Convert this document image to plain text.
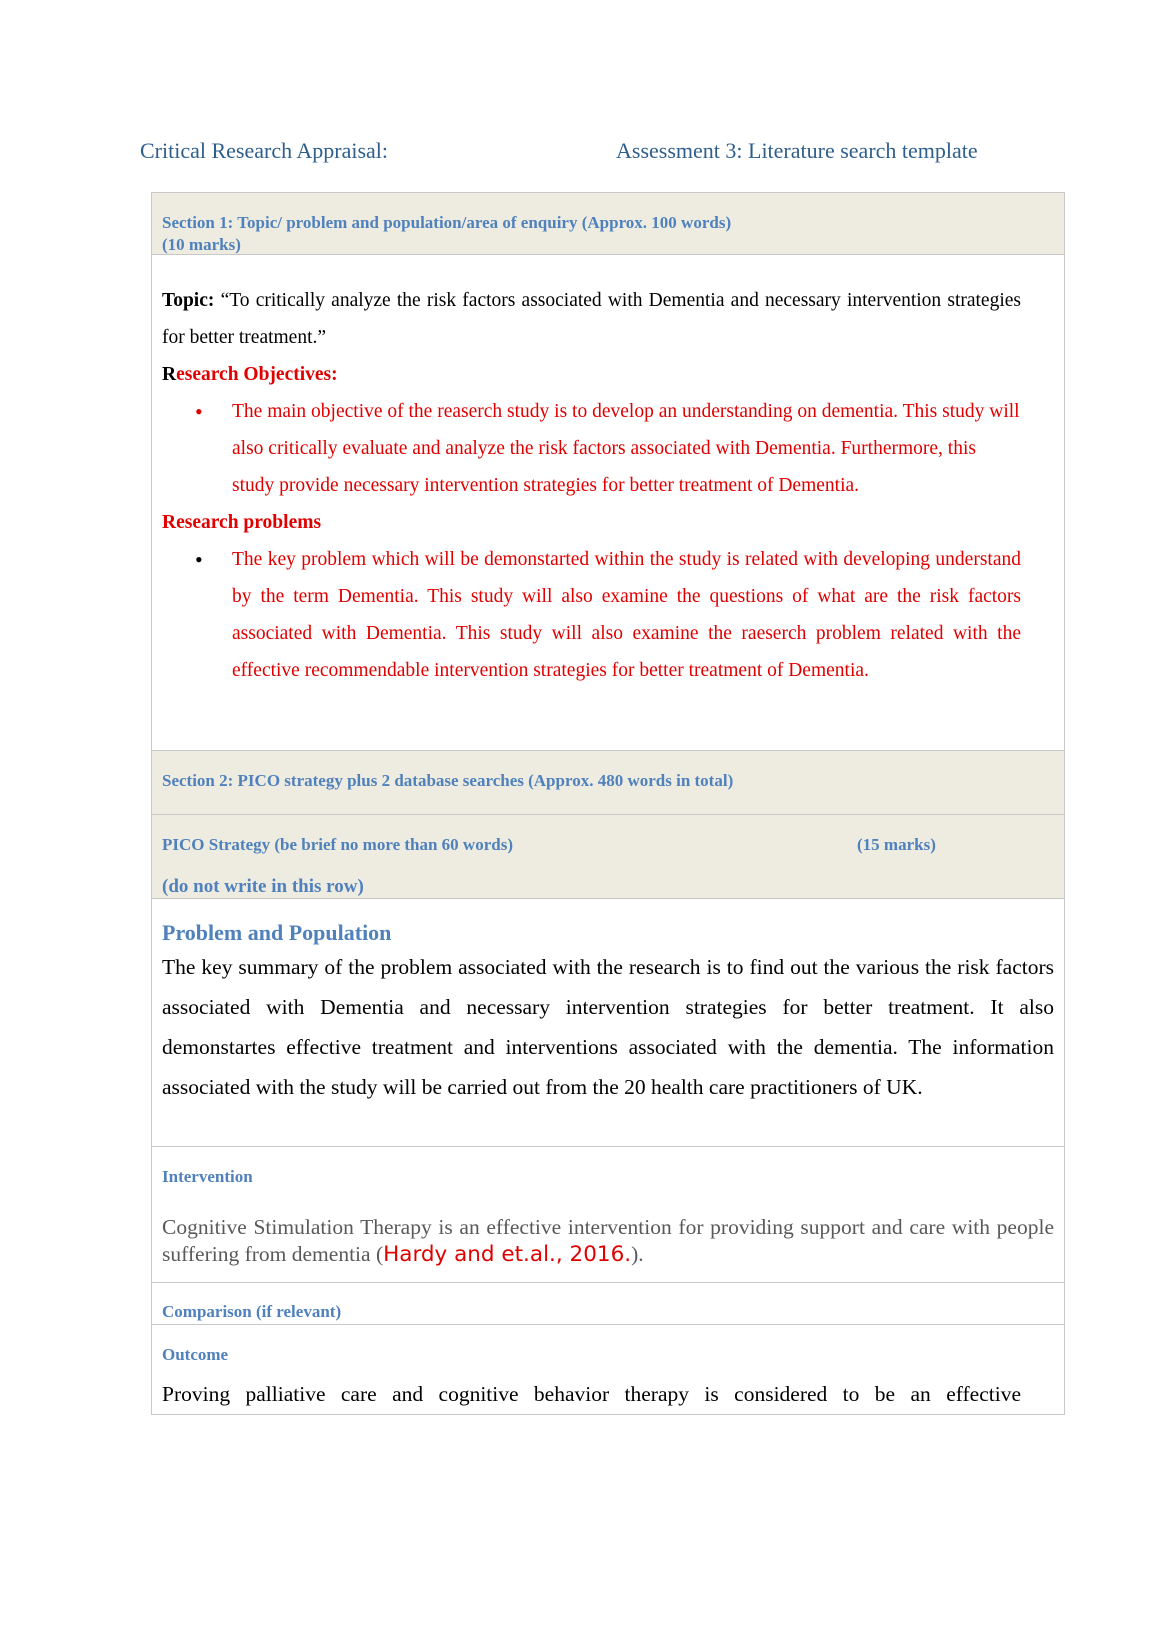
Critical Research Appraisal:	Assessment 3: Literature search template
Section 1: Topic/ problem and population/area of enquiry (Approx. 100 words)
(10 marks)
Topic: “To critically analyze the risk factors associated with Dementia and necessary intervention strategies for better treatment.”
Research Objectives:
• The main objective of the reaserch study is to develop an understanding on dementia. This study will also critically evaluate and analyze the risk factors associated with Dementia. Furthermore, this study provide necessary intervention strategies for better treatment of Dementia.
Research problems
• The key problem which will be demonstarted within the study is related with developing understand by the term Dementia. This study will also examine the questions of what are the risk factors associated with Dementia. This study will also examine the raeserch problem related with the effective recommendable intervention strategies for better treatment of Dementia.
Section 2: PICO strategy plus 2 database searches (Approx. 480 words in total)
PICO Strategy (be brief no more than 60 words)	(15 marks)
(do not write in this row)
Problem and Population
The key summary of the problem associated with the research is to find out the various the risk factors associated with Dementia and necessary intervention strategies for better treatment. It also demonstartes effective treatment and interventions associated with the dementia. The information associated with the study will be carried out from the 20 health care practitioners of UK.
Intervention
Cognitive Stimulation Therapy is an effective intervention for providing support and care with people suffering from dementia (Hardy and et.al., 2016.).
Comparison (if relevant)
Outcome
Proving palliative care and cognitive behavior therapy is considered to be an effective
